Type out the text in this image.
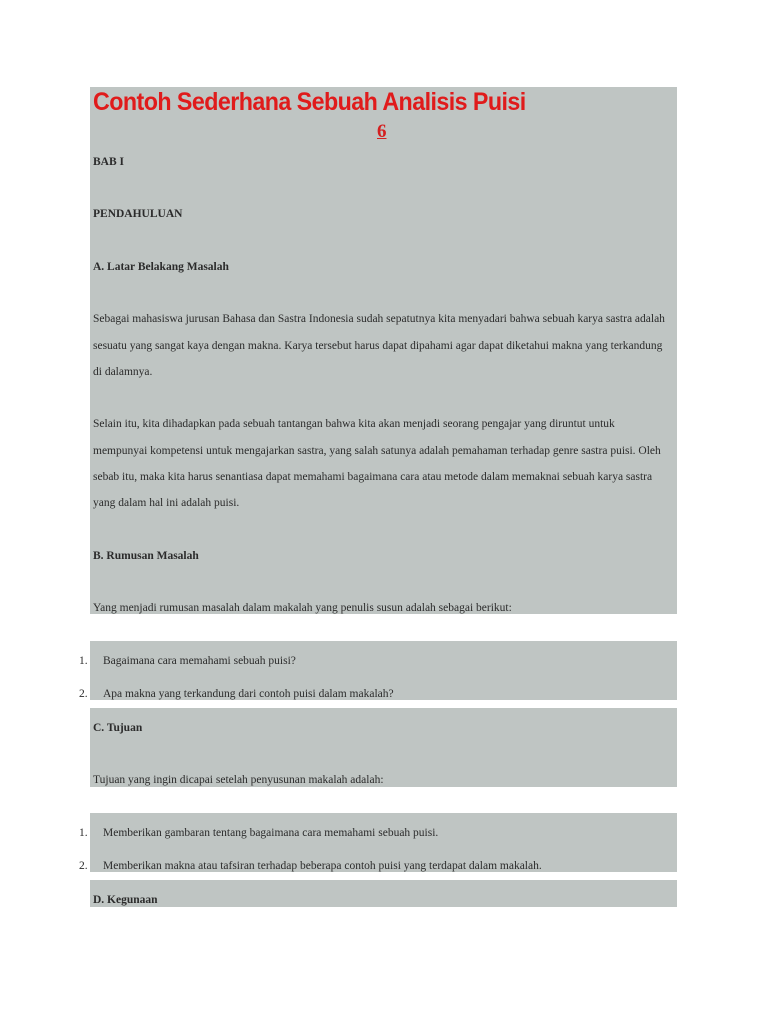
Contoh Sederhana Sebuah Analisis Puisi
6
BAB I
PENDAHULUAN
A. Latar Belakang Masalah
Sebagai mahasiswa jurusan Bahasa dan Sastra Indonesia sudah sepatutnya kita menyadari bahwa sebuah karya sastra adalah
sesuatu yang sangat kaya dengan makna. Karya tersebut harus dapat dipahami agar dapat diketahui makna yang terkandung
di dalamnya.
Selain itu, kita dihadapkan pada sebuah tantangan bahwa kita akan menjadi seorang pengajar yang diruntut untuk
mempunyai kompetensi untuk mengajarkan sastra, yang salah satunya adalah pemahaman terhadap genre sastra puisi. Oleh
sebab itu, maka kita harus senantiasa dapat memahami bagaimana cara atau metode dalam memaknai sebuah karya sastra
yang dalam hal ini adalah puisi.
B. Rumusan Masalah
Yang menjadi rumusan masalah dalam makalah yang penulis susun adalah sebagai berikut:
1. Bagaimana cara memahami sebuah puisi?
2. Apa makna yang terkandung dari contoh puisi dalam makalah?
C. Tujuan
Tujuan yang ingin dicapai setelah penyusunan makalah adalah:
1. Memberikan gambaran tentang bagaimana cara memahami sebuah puisi.
2. Memberikan makna atau tafsiran terhadap beberapa contoh puisi yang terdapat dalam makalah.
D. Kegunaan
